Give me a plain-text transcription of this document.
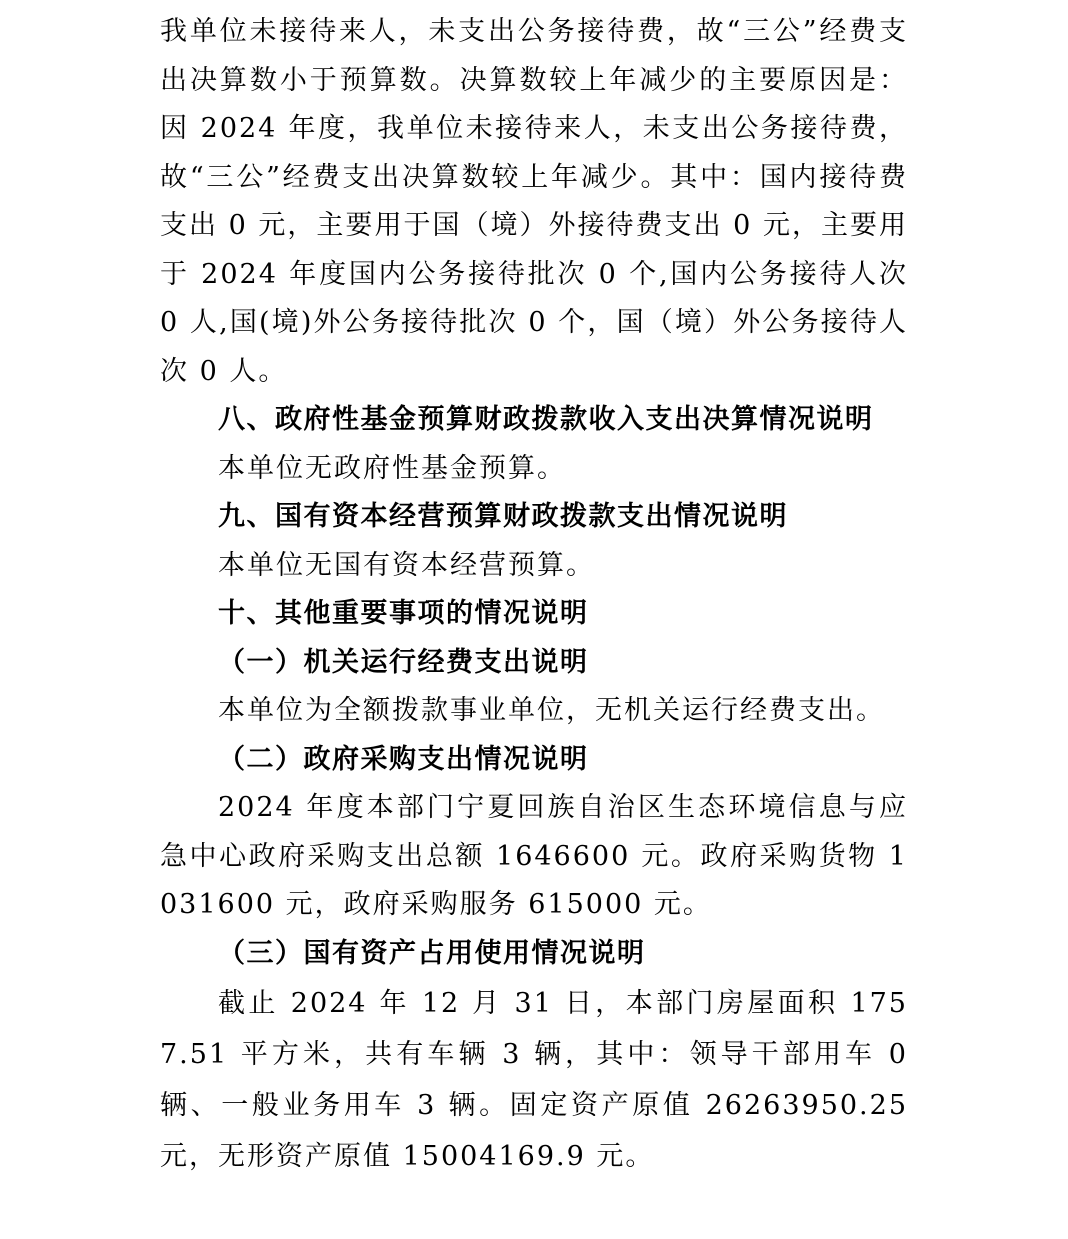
我单位未接待来人，未支出公务接待费，故“三公”经费支出决算数小于预算数。决算数较上年减少的主要原因是：因 2024 年度，我单位未接待来人，未支出公务接待费，故“三公”经费支出决算数较上年减少。其中：国内接待费支出 0 元，主要用于国（境）外接待费支出 0 元，主要用于 2024 年度国内公务接待批次 0 个,国内公务接待人次 0 人,国(境)外公务接待批次 0 个，国（境）外公务接待人次 0 人。

八、政府性基金预算财政拨款收入支出决算情况说明

本单位无政府性基金预算。

九、国有资本经营预算财政拨款支出情况说明

本单位无国有资本经营预算。

十、其他重要事项的情况说明

（一）机关运行经费支出说明

本单位为全额拨款事业单位，无机关运行经费支出。

（二）政府采购支出情况说明

2024 年度本部门宁夏回族自治区生态环境信息与应急中心政府采购支出总额 1646600 元。政府采购货物 1031600 元，政府采购服务 615000 元。

（三）国有资产占用使用情况说明

截止 2024 年 12 月 31 日，本部门房屋面积 1757.51 平方米，共有车辆 3 辆，其中：领导干部用车 0 辆、一般业务用车 3 辆。固定资产原值 26263950.25 元，无形资产原值 15004169.9 元。
